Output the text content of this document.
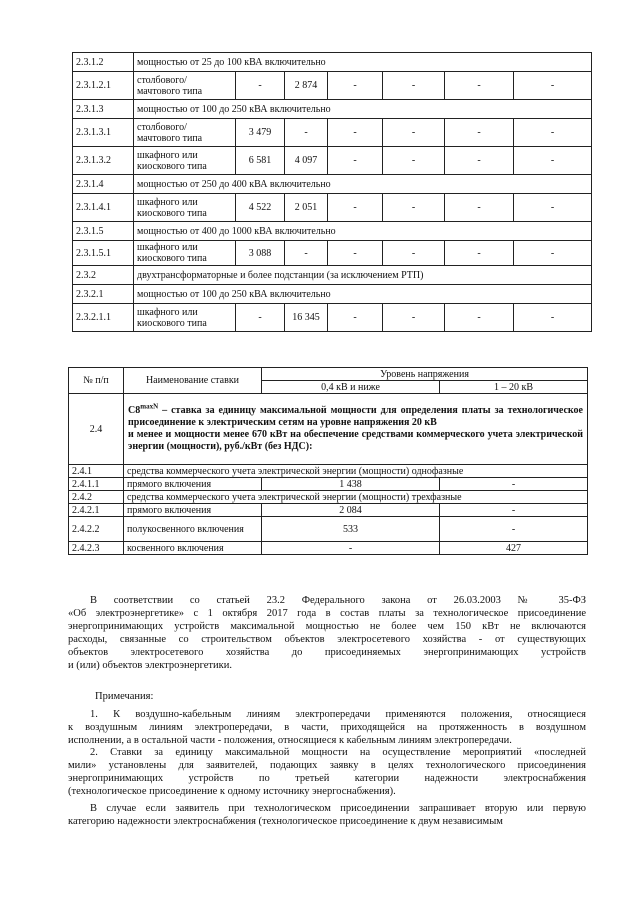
2.3.1.2	мощностью от 25 до 100 кВА включительно						
2.3.1.2.1	столбового/ мачтового типа	-	2 874	-	-	-	-
2.3.1.3	мощностью от 100 до 250 кВА включительно						
2.3.1.3.1	столбового/ мачтового типа	3 479	-	-	-	-	-
2.3.1.3.2	шкафного или киоскового типа	6 581	4 097	-	-	-	-
2.3.1.4	мощностью от 250 до 400 кВА включительно						
2.3.1.4.1	шкафного или киоскового типа	4 522	2 051	-	-	-	-
2.3.1.5	мощностью от 400 до 1000 кВА включительно						
2.3.1.5.1	шкафного или киоскового типа	3 088	-	-	-	-	-
2.3.2	двухтрансформаторные и более подстанции (за исключением РТП)						
2.3.2.1	мощностью от 100 до 250 кВА включительно						
2.3.2.1.1	шкафного или киоскового типа	-	16 345	-	-	-	-
№ п/п	Наименование ставки	Уровень напряжения	
		0,4 кВ и ниже	1 – 20 кВ
2.4	$С8^{maxN}$ – ставка за единицу максимальной мощности для определения платы за технологическое присоединение к электрическим сетям на уровне напряжения 20 кВ
и менее и мощности менее 670 кВт на обеспечение средствами коммерческого учета электрической энергии (мощности), руб./кВт (без НДС):		
2.4.1	средства коммерческого учета электрической энергии (мощности) однофазные		
2.4.1.1	прямого включения	1 438	-
2.4.2	средства коммерческого учета электрической энергии (мощности) трехфазные		
2.4.2.1	прямого включения	2 084	-
2.4.2.2	полукосвенного включения	533	-
2.4.2.3	косвенного включения	-	427
В соответствии со статьей 23.2 Федерального закона от 26.03.2003 № 35-ФЗ
«Об электроэнергетике» с 1 октября 2017 года в состав платы за технологическое присоединение
энергопринимающих устройств максимальной мощностью не более чем 150 кВт не включаются
расходы, связанные со строительством объектов электросетевого хозяйства - от существующих
объектов электросетевого хозяйства до присоединяемых энергопринимающих устройств
и (или) объектов электроэнергетики.
Примечания:
1. К воздушно-кабельным линиям электропередачи применяются положения, относящиеся
к воздушным линиям электропередачи, в части, приходящейся на протяженность в воздушном
исполнении, а в остальной части - положения, относящиеся к кабельным линиям электропередачи.
2. Ставки за единицу максимальной мощности на осуществление мероприятий «последней
мили» установлены для заявителей, подающих заявку в целях технологического присоединения
энергопринимающих устройств по третьей категории надежности электроснабжения
(технологическое присоединение к одному источнику энергоснабжения).
В случае если заявитель при технологическом присоединении запрашивает вторую или первую
категорию надежности электроснабжения (технологическое присоединение к двум независимым
